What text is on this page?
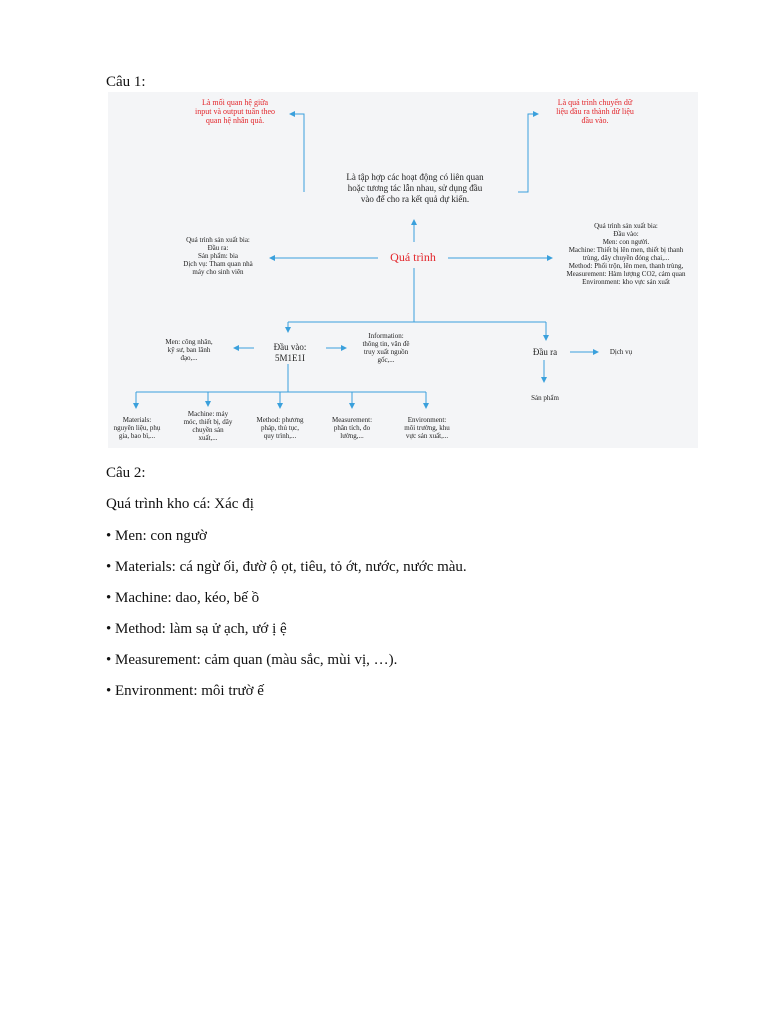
Câu 1:
Là mối quan hệ giữa
input và output tuân theo
quan hệ nhân quả.
Là quá trình chuyển dữ
liệu đầu ra thành dữ liệu
đầu vào.
Là tập hợp các hoạt động có liên quan
hoặc tương tác lẫn nhau, sử dụng đầu
vào để cho ra kết quả dự kiến.
Quá trình
Quá trình sản xuất bia:
Đầu ra:
Sản phẩm: bia
Dịch vụ: Tham quan nhà
máy cho sinh viên
Quá trình sản xuất bia:
Đầu vào:
Men: con người.
Machine: Thiết bị lên men, thiết bị thanh
trùng, dây chuyền đóng chai,...
Method: Phối trộn, lên men, thanh trùng,
Measurement: Hàm lượng CO2, cảm quan
Environment: kho vực sản xuất
Men: công nhân,
kỹ sư, ban lãnh
đạo,...
Đầu vào:
5M1E1I
Information:
thông tin, văn đề
truy xuất nguồn
gốc,...
Đầu ra	Dịch vụ
Sản phẩm
Materials:
nguyên liệu, phụ
gia, bao bì,...
Machine: máy
móc, thiết bị, dây
chuyền sản
xuất,...
Method: phương
pháp, thủ tục,
quy trình,...
Measurement:
phân tích, đo
lường,...
Environment:
môi trường, khu
vực sản xuất,...
Câu 2:
Quá trình kho cá: Xác đị
• Men: con ngườ
• Materials: cá ngừ ối, đườ ộ ọt, tiêu, tỏ ớt, nước, nước màu.
• Machine: dao, kéo, bế ồ
• Method: làm sạ ử ạch, ướ ị ệ
• Measurement: cảm quan (màu sắc, mùi vị, …).
• Environment: môi trườ ế
